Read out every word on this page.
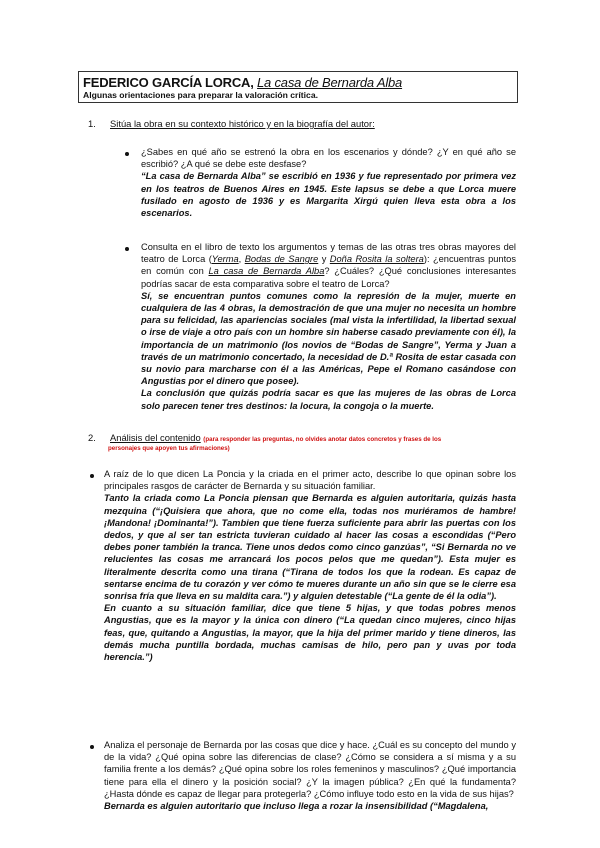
FEDERICO GARCÍA LORCA, La casa de Bernarda Alba
Algunas orientaciones para preparar la valoración crítica.
1. Sitúa la obra en su contexto histórico y en la biografía del autor:
¿Sabes en qué año se estrenó la obra en los escenarios y dónde? ¿Y en qué año se escribió? ¿A qué se debe este desfase?
“La casa de Bernarda Alba” se escribió en 1936 y fue representado por primera vez en los teatros de Buenos Aires en 1945. Este lapsus se debe a que Lorca muere fusilado en agosto de 1936 y es Margarita Xirgú quien lleva esta obra a los escenarios.
Consulta en el libro de texto los argumentos y temas de las otras tres obras mayores del teatro de Lorca (Yerma, Bodas de Sangre y Doña Rosita la soltera): ¿encuentras puntos en común con La casa de Bernarda Alba? ¿Cuáles? ¿Qué conclusiones interesantes podrías sacar de esta comparativa sobre el teatro de Lorca?
Sí, se encuentran puntos comunes como la represión de la mujer, muerte en cualquiera de las 4 obras, la demostración de que una mujer no necesita un hombre para su felicidad, las apariencias sociales (mal vista la infertilidad, la libertad sexual o irse de viaje a otro país con un hombre sin haberse casado previamente con él), la importancia de un matrimonio (los novios de “Bodas de Sangre”, Yerma y Juan a través de un matrimonio concertado, la necesidad de D.ª Rosita de estar casada con su novio para marcharse con él a las Américas, Pepe el Romano casándose con Angustias por el dinero que posee).
La conclusión que quizás podría sacar es que las mujeres de las obras de Lorca solo parecen tener tres destinos: la locura, la congoja o la muerte.
2. Análisis del contenido (para responder las preguntas, no olvides anotar datos concretos y frases de los
personajes que apoyen tus afirmaciones)
A raíz de lo que dicen La Poncia y la criada en el primer acto, describe lo que opinan sobre los principales rasgos de carácter de Bernarda y su situación familiar.
Tanto la criada como La Poncia piensan que Bernarda es alguien autoritaria, quizás hasta mezquina (“¡Quisiera que ahora, que no come ella, todas nos muriéramos de hambre! ¡Mandona! ¡Dominanta!”). Tambien que tiene fuerza suficiente para abrir las puertas con los dedos, y que al ser tan estricta tuvieran cuidado al hacer las cosas a escondidas (“Pero debes poner también la tranca. Tiene unos dedos como cinco ganzúas”, “Si Bernarda no ve relucientes las cosas me arrancará los pocos pelos que me quedan”). Esta mujer es literalmente descrita como una tirana (“Tirana de todos los que la rodean. Es capaz de sentarse encima de tu corazón y ver cómo te mueres durante un año sin que se le cierre esa sonrisa fría que lleva en su maldita cara.”) y alguien detestable (“La gente de él la odia”).
En cuanto a su situación familiar, dice que tiene 5 hijas, y que todas pobres menos Angustias, que es la mayor y la única con dinero (“La quedan cinco mujeres, cinco hijas feas, que, quitando a Angustias, la mayor, que la hija del primer marido y tiene dineros, las demás mucha puntilla bordada, muchas camisas de hilo, pero pan y uvas por toda herencia.”)
Analiza el personaje de Bernarda por las cosas que dice y hace. ¿Cuál es su concepto del mundo y de la vida? ¿Qué opina sobre las diferencias de clase? ¿Cómo se considera a sí misma y a su familia frente a los demás? ¿Qué opina sobre los roles femeninos y masculinos? ¿Qué importancia tiene para ella el dinero y la posición social? ¿Y la imagen pública? ¿En qué la fundamenta? ¿Hasta dónde es capaz de llegar para protegerla? ¿Cómo influye todo esto en la vida de sus hijas?
Bernarda es alguien autoritario que incluso llega a rozar la insensibilidad (“Magdalena,
